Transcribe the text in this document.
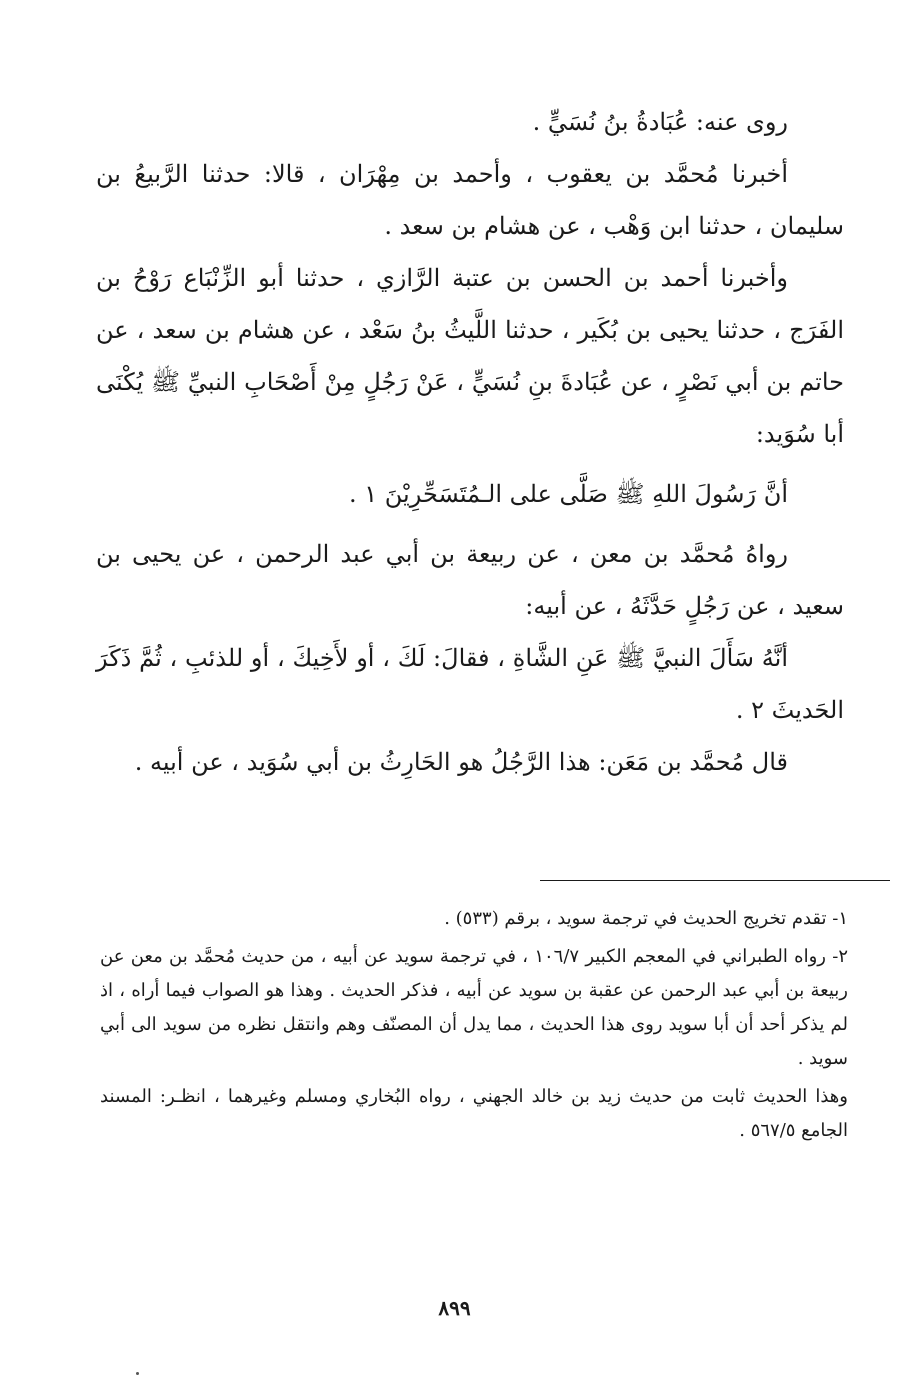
روى عنه: عُبَادةُ بنُ نُسَيٍّ .

أخبرنا مُحمَّد بن يعقوب ، وأحمد بن مِهْرَان ، قالا: حدثنا الرَّبيعُ بن سليمان ، حدثنا ابن وَهْب ، عن هشام بن سعد .

وأخبرنا أحمد بن الحسن بن عتبة الرَّازي ، حدثنا أبو الزِّنْبَاع رَوْحُ بن الفَرَج ، حدثنا يحيى بن بُكَير ، حدثنا اللَّيثُ بنُ سَعْد ، عن هشام بن سعد ، عن حاتم بن أبي نَصْرٍ ، عن عُبَادةَ بنِ نُسَيٍّ ، عَنْ رَجُلٍ مِنْ أَصْحَابِ النبيِّ ﷺ يُكْنَى أبا سُوَيد:

أنَّ رَسُولَ اللهِ ﷺ صَلَّى على الـمُتَسَحِّرِيْنَ ١ .

رواهُ مُحمَّد بن معن ، عن ربيعة بن أبي عبد الرحمن ، عن يحيى بن سعيد ، عن رَجُلٍ حَدَّثَهُ ، عن أبيه:

أنَّهُ سَأَلَ النبيَّ ﷺ عَنِ الشَّاةِ ، فقالَ: لَكَ ، أو لأَخِيكَ ، أو للذئبِ ، ثُمَّ ذَكَرَ الحَديثَ ٢ .

قال مُحمَّد بن مَعَن: هذا الرَّجُلُ هو الحَارِثُ بن أبي سُوَيد ، عن أبيه .

١- تقدم تخريج الحديث في ترجمة سويد ، برقم (٥٣٣) .

٢- رواه الطبراني في المعجم الكبير ١٠٦/٧ ، في ترجمة سويد عن أبيه ، من حديث مُحمَّد بن معن عن ربيعة بن أبي عبد الرحمن عن عقبة بن سويد عن أبيه ، فذكر الحديث . وهذا هو الصواب فيما أراه ، اذ لم يذكر أحد أن أبا سويد روى هذا الحديث ، مما يدل أن المصنّف وهم وانتقل نظره من سويد الى أبي سويد .

وهذا الحديث ثابت من حديث زيد بن خالد الجهني ، رواه البُخاري ومسلم وغيرهما ، انظـر: المسند الجامع ٥٦٧/٥ .

٨٩٩
